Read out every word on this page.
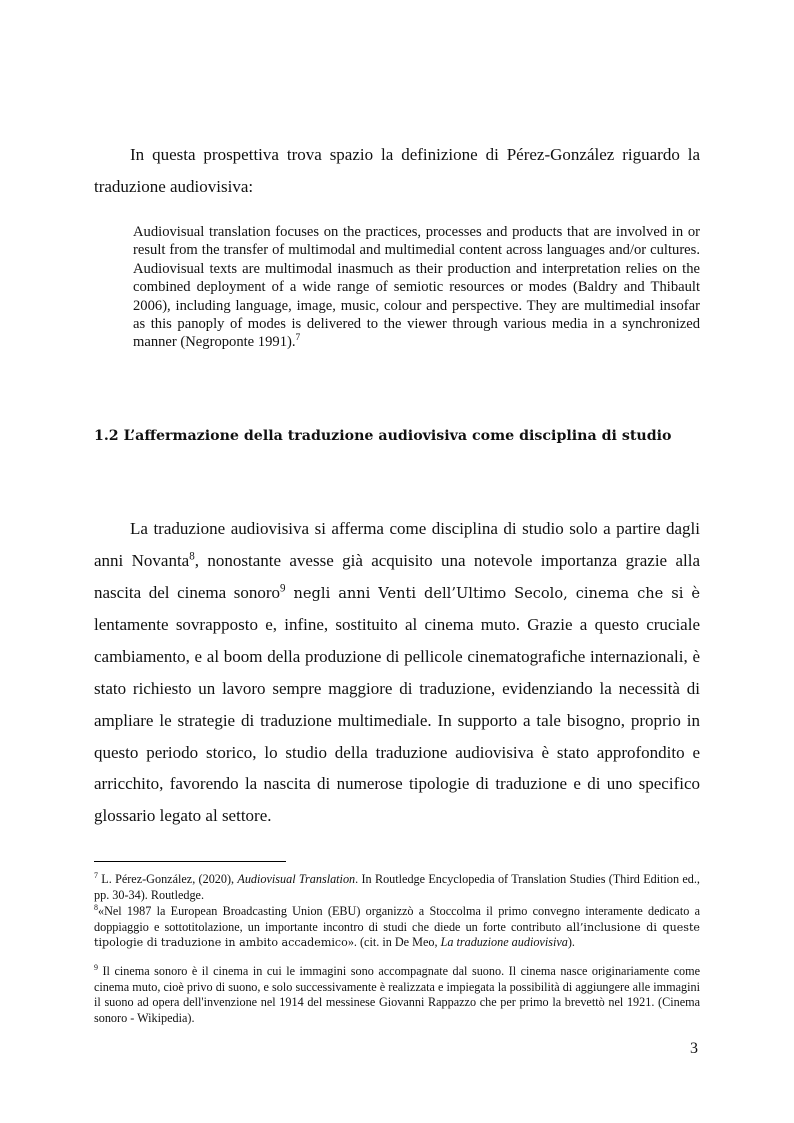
In questa prospettiva trova spazio la definizione di Pérez-González riguardo la traduzione audiovisiva:

Audiovisual translation focuses on the practices, processes and products that are involved in or result from the transfer of multimodal and multimedial content across languages and/or cultures. Audiovisual texts are multimodal inasmuch as their production and interpretation relies on the combined deployment of a wide range of semiotic resources or modes (Baldry and Thibault 2006), including language, image, music, colour and perspective. They are multimedial insofar as this panoply of modes is delivered to the viewer through various media in a synchronized manner (Negroponte 1991).$^7$

1.2 L’affermazione della traduzione audiovisiva come disciplina di studio

La traduzione audiovisiva si afferma come disciplina di studio solo a partire dagli anni Novanta$^8$, nonostante avesse già acquisito una notevole importanza grazie alla nascita del cinema sonoro$^9$ negli anni Venti dell’Ultimo Secolo, cinema che si è lentamente sovrapposto e, infine, sostituito al cinema muto. Grazie a questo cruciale cambiamento, e al boom della produzione di pellicole cinematografiche internazionali, è stato richiesto un lavoro sempre maggiore di traduzione, evidenziando la necessità di ampliare le strategie di traduzione multimediale. In supporto a tale bisogno, proprio in questo periodo storico, lo studio della traduzione audiovisiva è stato approfondito e arricchito, favorendo la nascita di numerose tipologie di traduzione e di uno specifico glossario legato al settore.

$^7$ L. Pérez-González, (2020), Audiovisual Translation. In Routledge Encyclopedia of Translation Studies (Third Edition ed., pp. 30-34). Routledge.

$^8$«Nel 1987 la European Broadcasting Union (EBU) organizzò a Stoccolma il primo convegno interamente dedicato a doppiaggio e sottotitolazione, un importante incontro di studi che diede un forte contributo all’inclusione di queste tipologie di traduzione in ambito accademico». (cit. in De Meo, La traduzione audiovisiva).

$^9$ Il cinema sonoro è il cinema in cui le immagini sono accompagnate dal suono. Il cinema nasce originariamente come cinema muto, cioè privo di suono, e solo successivamente è realizzata e impiegata la possibilità di aggiungere alle immagini il suono ad opera dell'invenzione nel 1914 del messinese Giovanni Rappazzo che per primo la brevettò nel 1921. (Cinema sonoro - Wikipedia).

3
